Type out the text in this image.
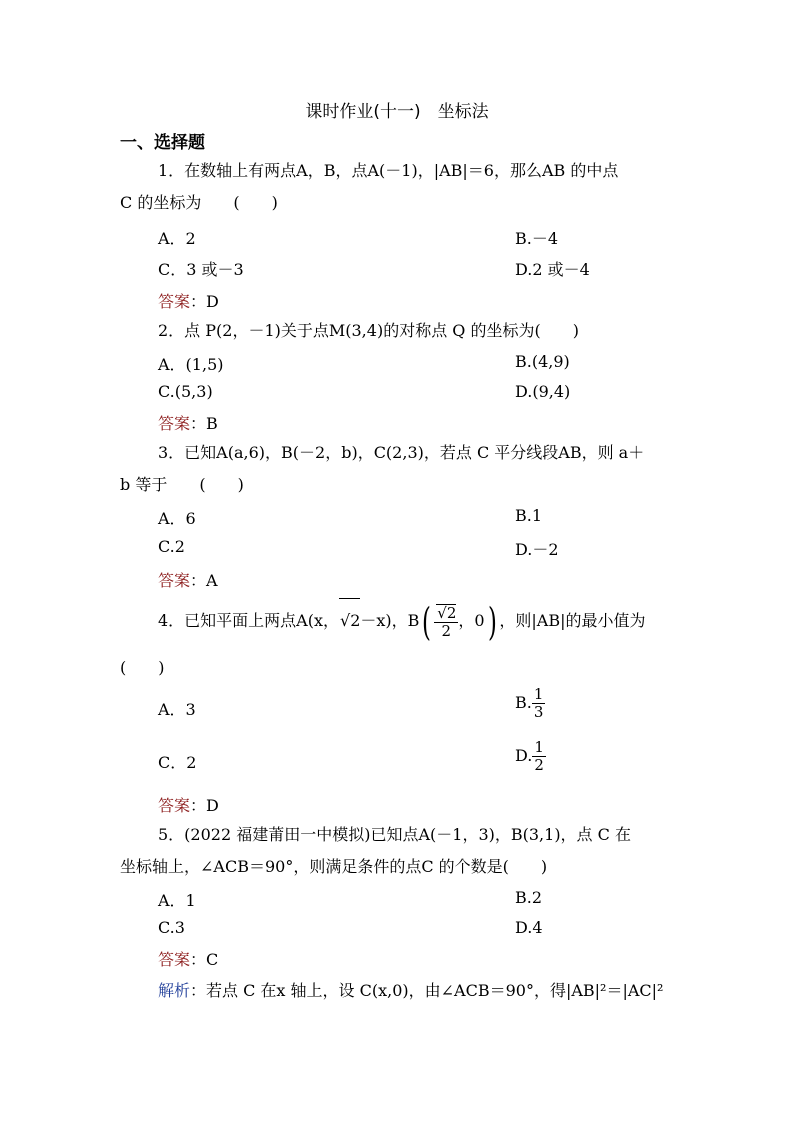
课时作业(十一)　坐标法
一、选择题
1．在数轴上有两点A，B，点A(－1)，|AB|＝6，那么AB 的中点
C 的坐标为　　(　　)
A．2	B.－4
C．3 或－3	D.2 或－4
答案：D
2．点 P(2，－1)关于点M(3,4)的对称点 Q 的坐标为(　　)
A．(1,5)	B.(4,9)
C.(5,3)	D.(9,4)
答案：B
3．已知A(a,6)，B(－2，b)，C(2,3)，若点 C 平分线段AB，则 a＋
b 等于　　(　　)
A．6	B.1
C.2	D.－2
答案：A
4．已知平面上两点A(x，√2－x)，$B( \frac{√2}{2}$ ，0) ，则|AB|的最小值为
(　　)
A．3	B. $\frac{1}{3}$
C．2	D. $\frac{1}{2}$
答案：D
5．(2022 福建莆田一中模拟)已知点A(－1，3)，B(3,1)，点 C 在
坐标轴上，∠ACB＝90°，则满足条件的点C 的个数是(　　)
A．1	B.2
C.3	D.4
答案：C
解析：若点 C 在x 轴上，设 C(x,0)，由∠ACB＝90°，得|AB|²＝|AC|²
